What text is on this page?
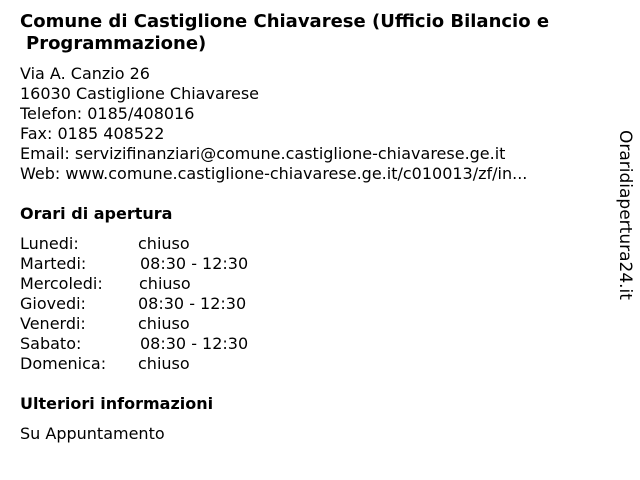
Comune di Castiglione Chiavarese (Ufficio Bilancio e
Programmazione)
Via A. Canzio 26
16030 Castiglione Chiavarese
Telefon: 0185/408016
Fax: 0185 408522
Email: servizifinanziari@comune.castiglione-chiavarese.ge.it
Web: www.comune.castiglione-chiavarese.ge.it/c010013/zf/in...
Orari di apertura
Lunedi:	chiuso
Martedi:	08:30 - 12:30
Mercoledi: chiuso
Giovedi:	08:30 - 12:30
Venerdi:	chiuso
Sabato:	08:30 - 12:30
Domenica: chiuso
Ulteriori informazioni
Su Appuntamento
Oraridiapertura24.it
